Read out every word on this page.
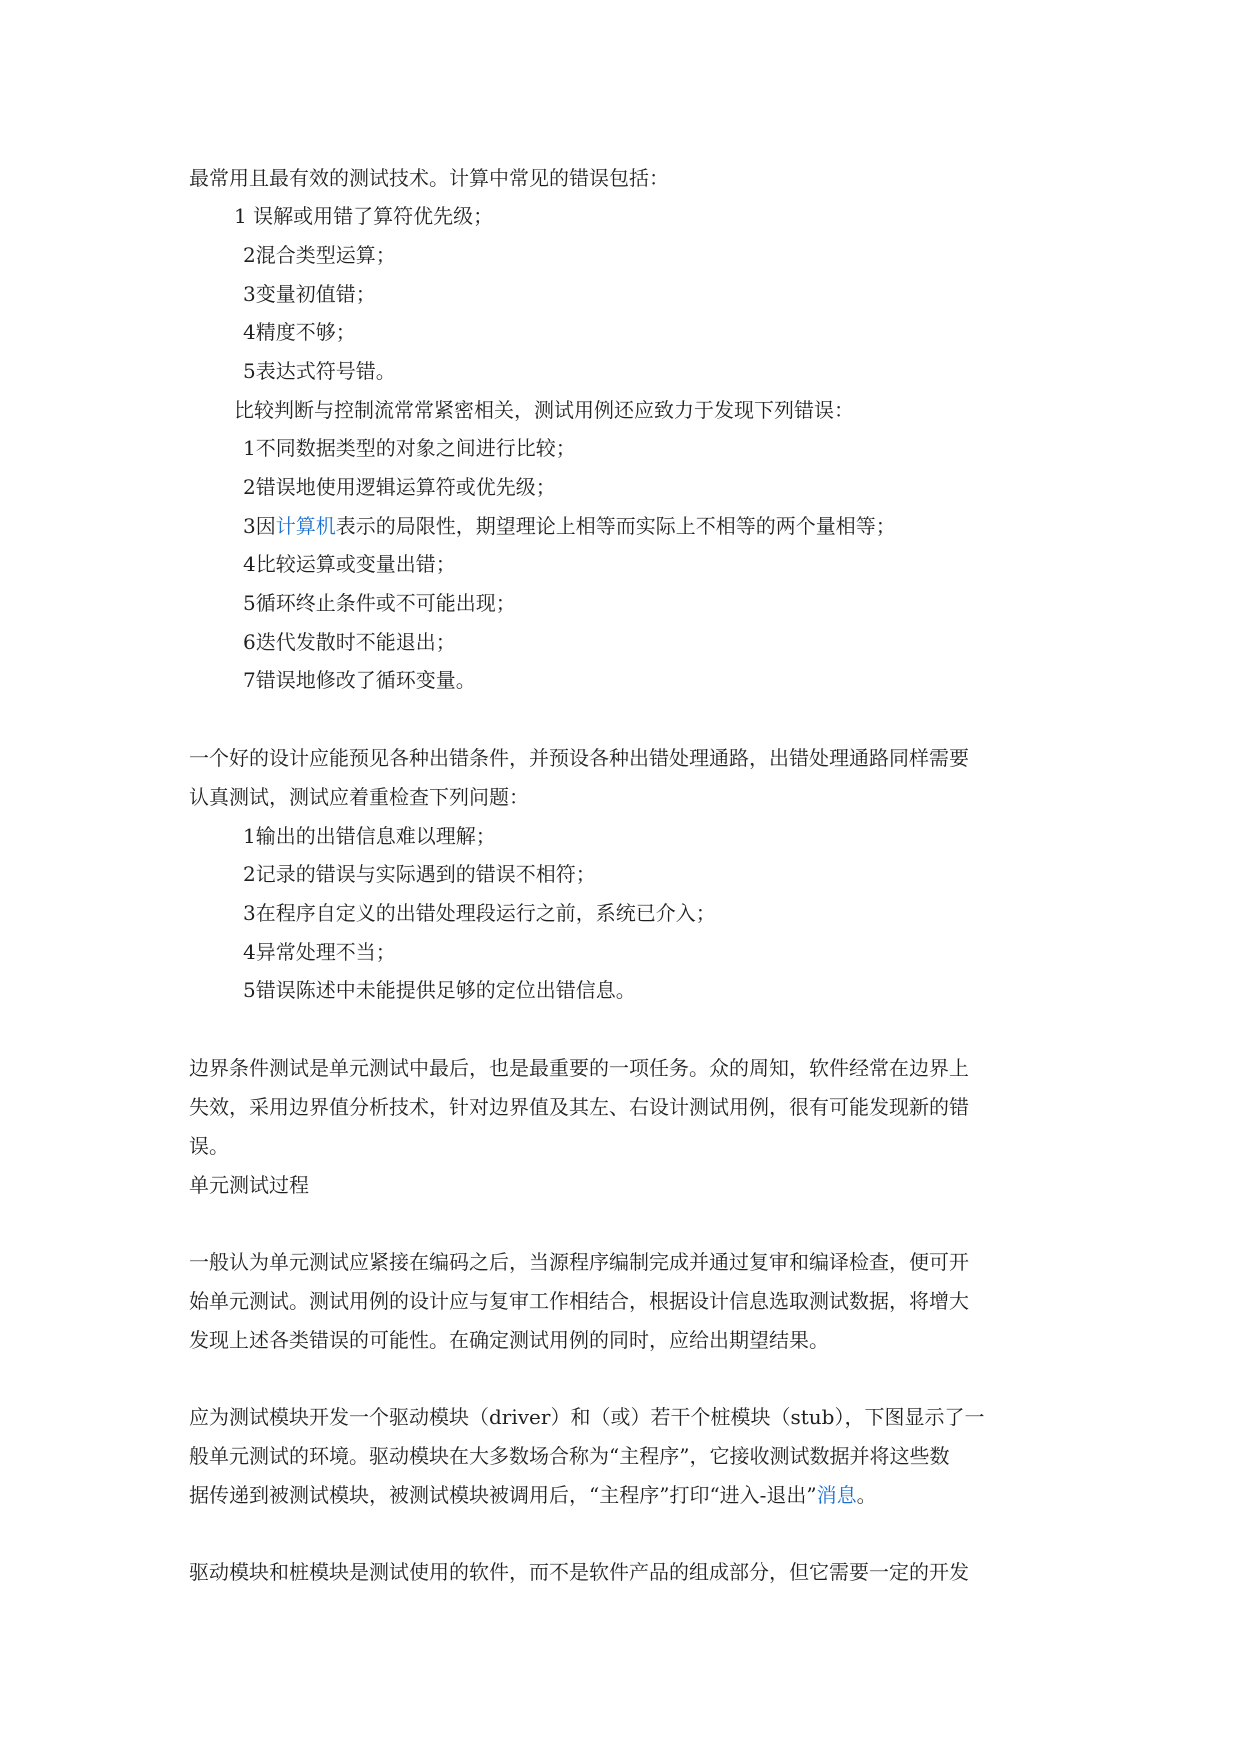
最常用且最有效的测试技术。计算中常见的错误包括：
1 误解或用错了算符优先级；
2混合类型运算；
3变量初值错；
4精度不够；
5表达式符号错。
比较判断与控制流常常紧密相关，测试用例还应致力于发现下列错误：
1不同数据类型的对象之间进行比较；
2错误地使用逻辑运算符或优先级；
3因计算机表示的局限性，期望理论上相等而实际上不相等的两个量相等；
4比较运算或变量出错；
5循环终止条件或不可能出现；
6迭代发散时不能退出；
7错误地修改了循环变量。
一个好的设计应能预见各种出错条件，并预设各种出错处理通路，出错处理通路同样需要
认真测试，测试应着重检查下列问题：
1输出的出错信息难以理解；
2记录的错误与实际遇到的错误不相符；
3在程序自定义的出错处理段运行之前，系统已介入；
4异常处理不当；
5错误陈述中未能提供足够的定位出错信息。
边界条件测试是单元测试中最后，也是最重要的一项任务。众的周知，软件经常在边界上
失效，采用边界值分析技术，针对边界值及其左、右设计测试用例，很有可能发现新的错
误。
单元测试过程
一般认为单元测试应紧接在编码之后，当源程序编制完成并通过复审和编译检查，便可开
始单元测试。测试用例的设计应与复审工作相结合，根据设计信息选取测试数据，将增大
发现上述各类错误的可能性。在确定测试用例的同时，应给出期望结果。
应为测试模块开发一个驱动模块（driver）和（或）若干个桩模块（stub），下图显示了一
般单元测试的环境。驱动模块在大多数场合称为“主程序”，它接收测试数据并将这些数
据传递到被测试模块，被测试模块被调用后，“主程序”打印“进入-退出”消息。
驱动模块和桩模块是测试使用的软件，而不是软件产品的组成部分，但它需要一定的开发
